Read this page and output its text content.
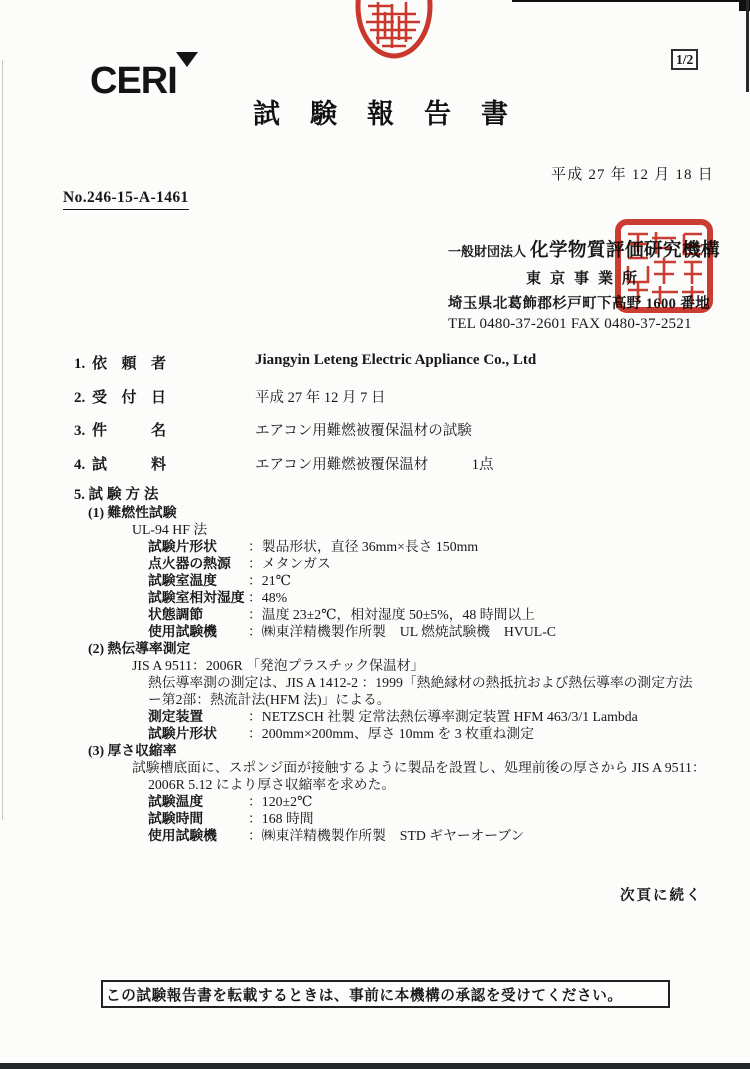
CERI
試験報告書
1/2
平成 27 年 12 月 18 日
No.246-15-A-1461
一般財団法人 化学物質評価研究機構
東京事業所
埼玉県北葛飾郡杉戸町下高野 1600 番地
TEL 0480-37-2601 FAX 0480-37-2521
1. 依頼者	Jiangyin Leteng Electric Appliance Co., Ltd
2. 受付日	平成 27 年 12 月 7 日
3. 件名	エアコン用難燃被覆保温材の試験
4. 試料	エアコン用難燃被覆保温材　　　1点
5. 試験方法
(1) 難燃性試験
UL-94 HF 法
試験片形状	：製品形状，直径 36mm×長さ 150mm
点火器の熱源	：メタンガス
試験室温度	：21℃
試験室相対湿度 ：48%
状態調節	：温度 23±2℃，相対湿度 50±5%，48 時間以上
使用試験機	：㈱東洋精機製作所製　UL 燃焼試験機　HVUL-C
(2) 熱伝導率測定
JIS A 9511：2006R 「発泡プラスチック保温材」
熱伝導率測の測定は、JIS A 1412-2 ：1999「熱絶縁材の熱抵抗および熱伝導率の測定方法
ー第2部：熱流計法(HFM 法)」による。
測定装置	：NETZSCH 社製 定常法熱伝導率測定装置 HFM 463/3/1 Lambda
試験片形状	：200mm×200mm、厚さ 10mm を 3 枚重ね測定
(3) 厚さ収縮率
試験槽底面に、スポンジ面が接触するように製品を設置し、処理前後の厚さから JIS A 9511：
2006R 5.12 により厚さ収縮率を求めた。
試験温度	：120±2℃
試験時間	：168 時間
使用試験機	：㈱東洋精機製作所製　STD ギヤーオーブン
次頁に続く
この試験報告書を転載するときは、事前に本機構の承認を受けてください。
